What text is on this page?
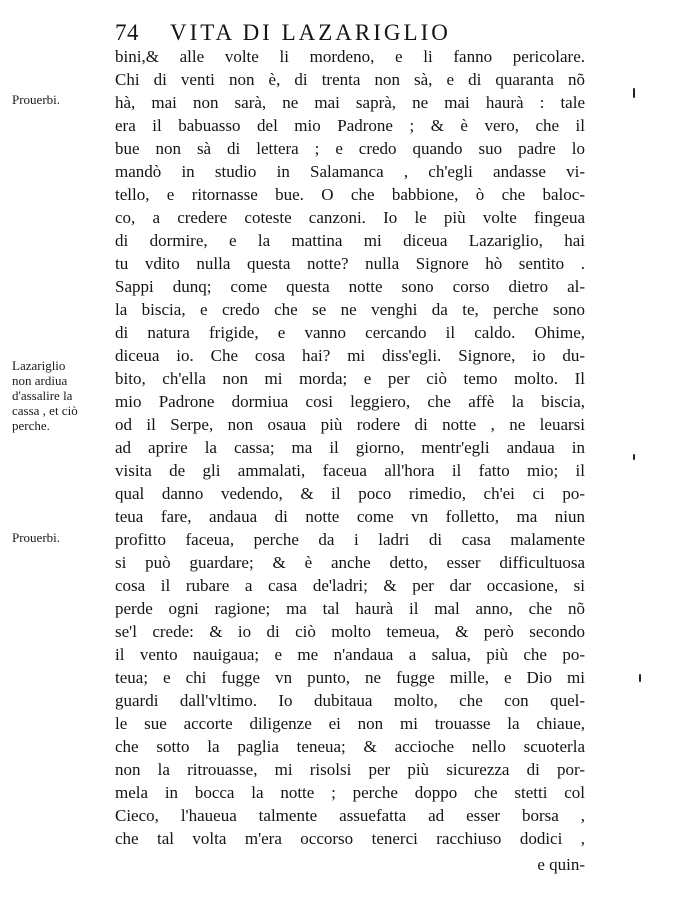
74 VITA DI LAZARIGLIO
Prouerbi.
Lazariglio
non ardiua
d'assalire la
cassa , et ciò
perche.
Prouerbi.
bini,& alle volte li mordeno, e li fanno pericolare.
Chi di venti non è, di trenta non sà, e di quaranta nõ
hà, mai non sarà, ne mai saprà, ne mai haurà : tale
era il babuasso del mio Padrone ; & è vero, che il
bue non sà di lettera ; e credo quando suo padre lo
mandò in studio in Salamanca , ch'egli andasse vi-
tello, e ritornasse bue. O che babbione, ò che baloc-
co, a credere coteste canzoni. Io le più volte fingeua
di dormire, e la mattina mi diceua Lazariglio, hai
tu vdito nulla questa notte? nulla Signore hò sentito .
Sappi dunq; come questa notte sono corso dietro al-
la biscia, e credo che se ne venghi da te, perche sono
di natura frigide, e vanno cercando il caldo. Ohime,
diceua io. Che cosa hai? mi diss'egli. Signore, io du-
bito, ch'ella non mi morda; e per ciò temo molto. Il
mio Padrone dormiua cosi leggiero, che affè la biscia,
od il Serpe, non osaua più rodere di notte , ne leuarsi
ad aprire la cassa; ma il giorno, mentr'egli andaua in
visita de gli ammalati, faceua all'hora il fatto mio; il
qual danno vedendo, & il poco rimedio, ch'ei ci po-
teua fare, andaua di notte come vn folletto, ma niun
profitto faceua, perche da i ladri di casa malamente
si può guardare; & è anche detto, esser difficultuosa
cosa il rubare a casa de'ladri; & per dar occasione, si
perde ogni ragione; ma tal haurà il mal anno, che nõ
se'l crede: & io di ciò molto temeua, & però secondo
il vento nauigaua; e me n'andaua a salua, più che po-
teua; e chi fugge vn punto, ne fugge mille, e Dio mi
guardi dall'vltimo. Io dubitaua molto, che con quel-
le sue accorte diligenze ei non mi trouasse la chiaue,
che sotto la paglia teneua; & accioche nello scuoterla
non la ritrouasse, mi risolsi per più sicurezza di por-
mela in bocca la notte ; perche doppo che stetti col
Cieco, l'haueua talmente assuefatta ad esser borsa ,
che tal volta m'era occorso tenerci racchiuso dodici ,
e quin-
